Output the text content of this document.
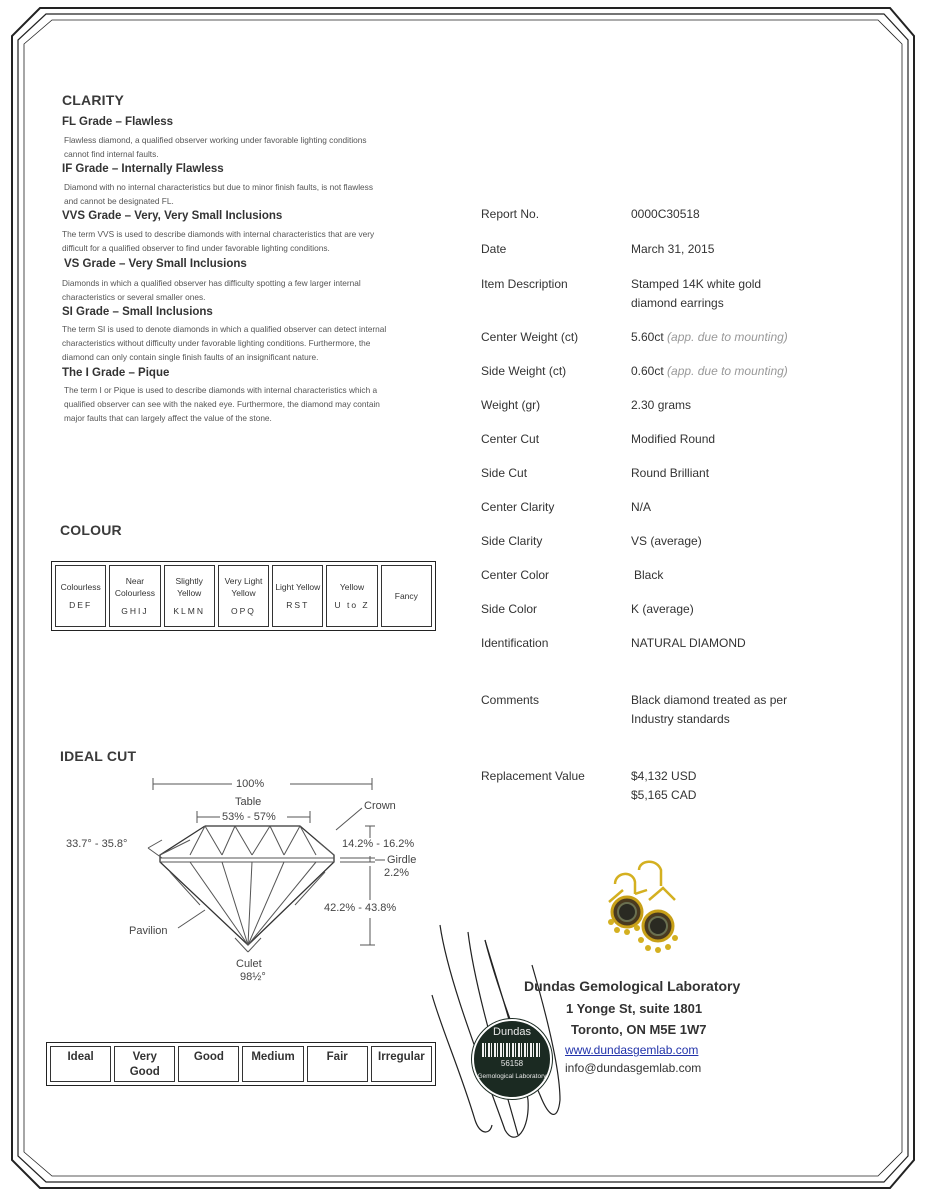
CLARITY
FL Grade – Flawless
Flawless diamond, a qualified observer working under favorable lighting conditions
cannot find internal faults.
IF Grade – Internally Flawless
Diamond with no internal characteristics but due to minor finish faults, is not flawless
and cannot be designated FL.
VVS Grade – Very, Very Small Inclusions
The term VVS is used to describe diamonds with internal characteristics that are very
difficult for a qualified observer to find under favorable lighting conditions.
VS Grade – Very Small Inclusions
Diamonds in which a qualified observer has difficulty spotting a few larger internal
characteristics or several smaller ones.
SI Grade – Small Inclusions
The term SI is used to denote diamonds in which a qualified observer can detect internal
characteristics without difficulty under favorable lighting conditions. Furthermore, the
diamond can only contain single finish faults of an insignificant nature.
The I Grade – Pique
The term I or Pique is used to describe diamonds with internal characteristics which a
qualified observer can see with the naked eye. Furthermore, the diamond may contain
major faults that can largely affect the value of the stone.
COLOUR
Colourless
DEF
	Near Colourless
GHIJ
	Slightly Yellow
KLMN
	Very Light Yellow
OPQ
	Light Yellow
RST
	Yellow
U to Z
	Fancy
IDEAL CUT
100%
Table
53% - 57%
Crown
33.7° - 35.8°	14.2% - 16.2%
Girdle
2.2%
42.2% - 43.8%
Pavilion
Culet
98½°
Ideal	Very Good	Good	Medium	Fair	Irregular
Report No.	0000C30518
Date	March 31, 2015
Item Description	Stamped 14K white gold
diamond earrings
Center Weight (ct)	5.60ct (app. due to mounting)
Side Weight (ct)	0.60ct (app. due to mounting)
Weight (gr)	2.30 grams
Center Cut	Modified Round
Side Cut	Round Brilliant
Center Clarity	N/A
Side Clarity	VS (average)
Center Color	Black
Side Color	K (average)
Identification	NATURAL DIAMOND
Comments	Black diamond treated as per
Industry standards
Replacement Value	$4,132 USD
$5,165 CAD
Dundas
56158
Gemological Laboratory
Dundas Gemological Laboratory
1 Yonge St, suite 1801
Toronto, ON M5E 1W7
www.dundasgemlab.com
info@dundasgemlab.com
